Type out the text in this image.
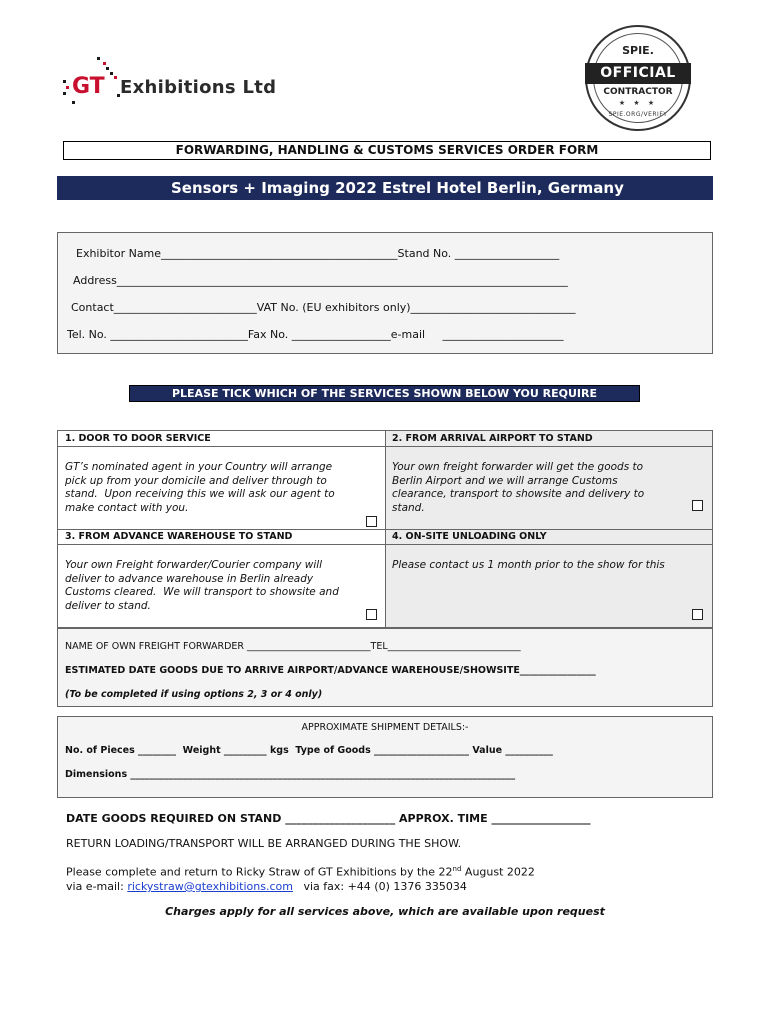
GT Exhibitions Ltd
SPIE.
OFFICIAL
CONTRACTOR
★ ★ ★
SPIE.ORG/VERIFY
FORWARDING, HANDLING & CUSTOMS SERVICES ORDER FORM
Sensors + Imaging 2022 Estrel Hotel Berlin, Germany
Exhibitor Name___________________________________________Stand No. ___________________
Address__________________________________________________________________________________
Contact__________________________VAT No. (EU exhibitors only)______________________________
Tel. No. _________________________Fax No. __________________e-mail     ______________________
PLEASE TICK WHICH OF THE SERVICES SHOWN BELOW YOU REQUIRE
1. DOOR TO DOOR SERVICE	2. FROM ARRIVAL AIRPORT TO STAND
GT’s nominated agent in your Country will arrange
pick up from your domicile and deliver through to
stand.  Upon receiving this we will ask our agent to
make contact with you.
Your own freight forwarder will get the goods to
Berlin Airport and we will arrange Customs
clearance, transport to showsite and delivery to
stand.
3. FROM ADVANCE WAREHOUSE TO STAND	4. ON-SITE UNLOADING ONLY
Your own Freight forwarder/Courier company will
deliver to advance warehouse in Berlin already
Customs cleared.  We will transport to showsite and
deliver to stand.
Please contact us 1 month prior to the show for this
NAME OF OWN FREIGHT FORWARDER __________________________TEL____________________________
ESTIMATED DATE GOODS DUE TO ARRIVE AIRPORT/ADVANCE WAREHOUSE/SHOWSITE________________
(To be completed if using options 2, 3 or 4 only)
APPROXIMATE SHIPMENT DETAILS:-
No. of Pieces ________  Weight _________ kgs  Type of Goods ____________________ Value __________
Dimensions _________________________________________________________________________________
DATE GOODS REQUIRED ON STAND ____________________ APPROX. TIME __________________
RETURN LOADING/TRANSPORT WILL BE ARRANGED DURING THE SHOW.
Please complete and return to Ricky Straw of GT Exhibitions by the 22nd August 2022
via e-mail: rickystraw@gtexhibitions.com   via fax: +44 (0) 1376 335034
Charges apply for all services above, which are available upon request
